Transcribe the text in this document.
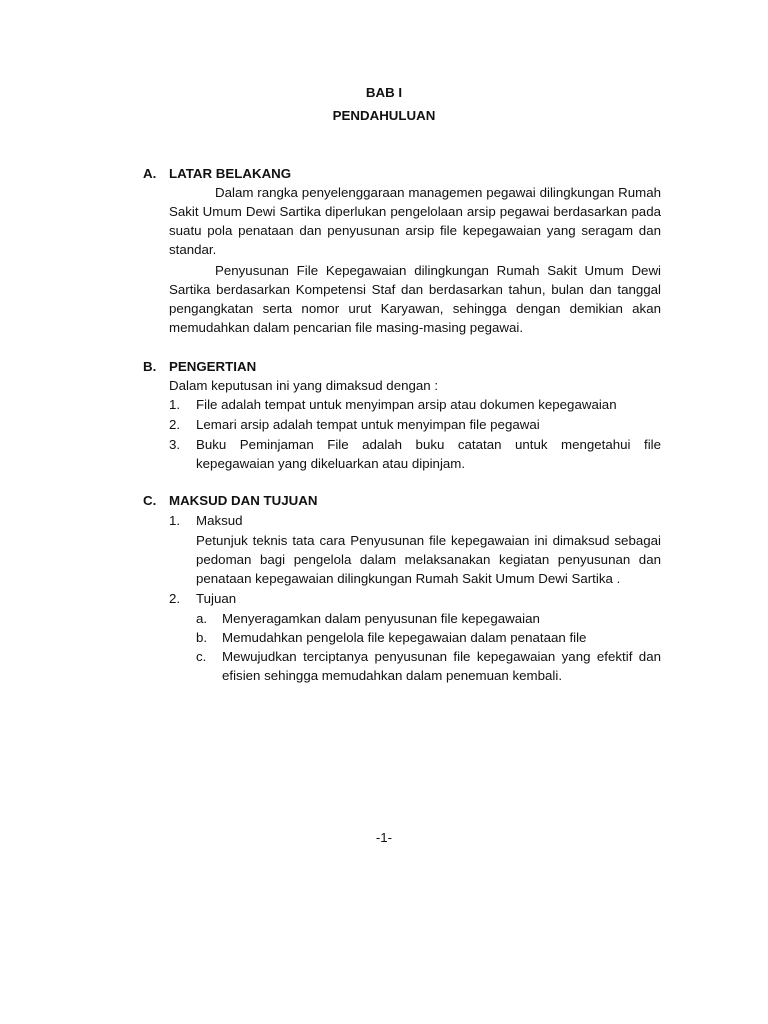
BAB I
PENDAHULUAN
A. LATAR BELAKANG
Dalam rangka penyelenggaraan managemen pegawai dilingkungan Rumah Sakit Umum Dewi Sartika diperlukan pengelolaan arsip pegawai berdasarkan pada suatu pola penataan dan penyusunan arsip file kepegawaian yang seragam dan standar.
Penyusunan File Kepegawaian dilingkungan Rumah Sakit Umum Dewi Sartika berdasarkan Kompetensi Staf dan berdasarkan tahun, bulan dan tanggal pengangkatan serta nomor urut Karyawan, sehingga dengan demikian akan memudahkan dalam pencarian file masing-masing pegawai.
B. PENGERTIAN
Dalam keputusan ini yang dimaksud dengan :
1. File adalah tempat untuk menyimpan arsip atau dokumen kepegawaian
2. Lemari arsip adalah tempat untuk menyimpan file pegawai
3. Buku Peminjaman File adalah buku catatan untuk mengetahui file kepegawaian yang dikeluarkan atau dipinjam.
C. MAKSUD DAN TUJUAN
1. Maksud
Petunjuk teknis tata cara Penyusunan file kepegawaian ini dimaksud sebagai pedoman bagi pengelola dalam melaksanakan kegiatan penyusunan dan penataan kepegawaian dilingkungan Rumah Sakit Umum Dewi Sartika .
2. Tujuan
a. Menyeragamkan dalam penyusunan file kepegawaian
b. Memudahkan pengelola file kepegawaian dalam penataan file
c. Mewujudkan terciptanya penyusunan file kepegawaian yang efektif dan efisien sehingga memudahkan dalam penemuan kembali.
-1-
